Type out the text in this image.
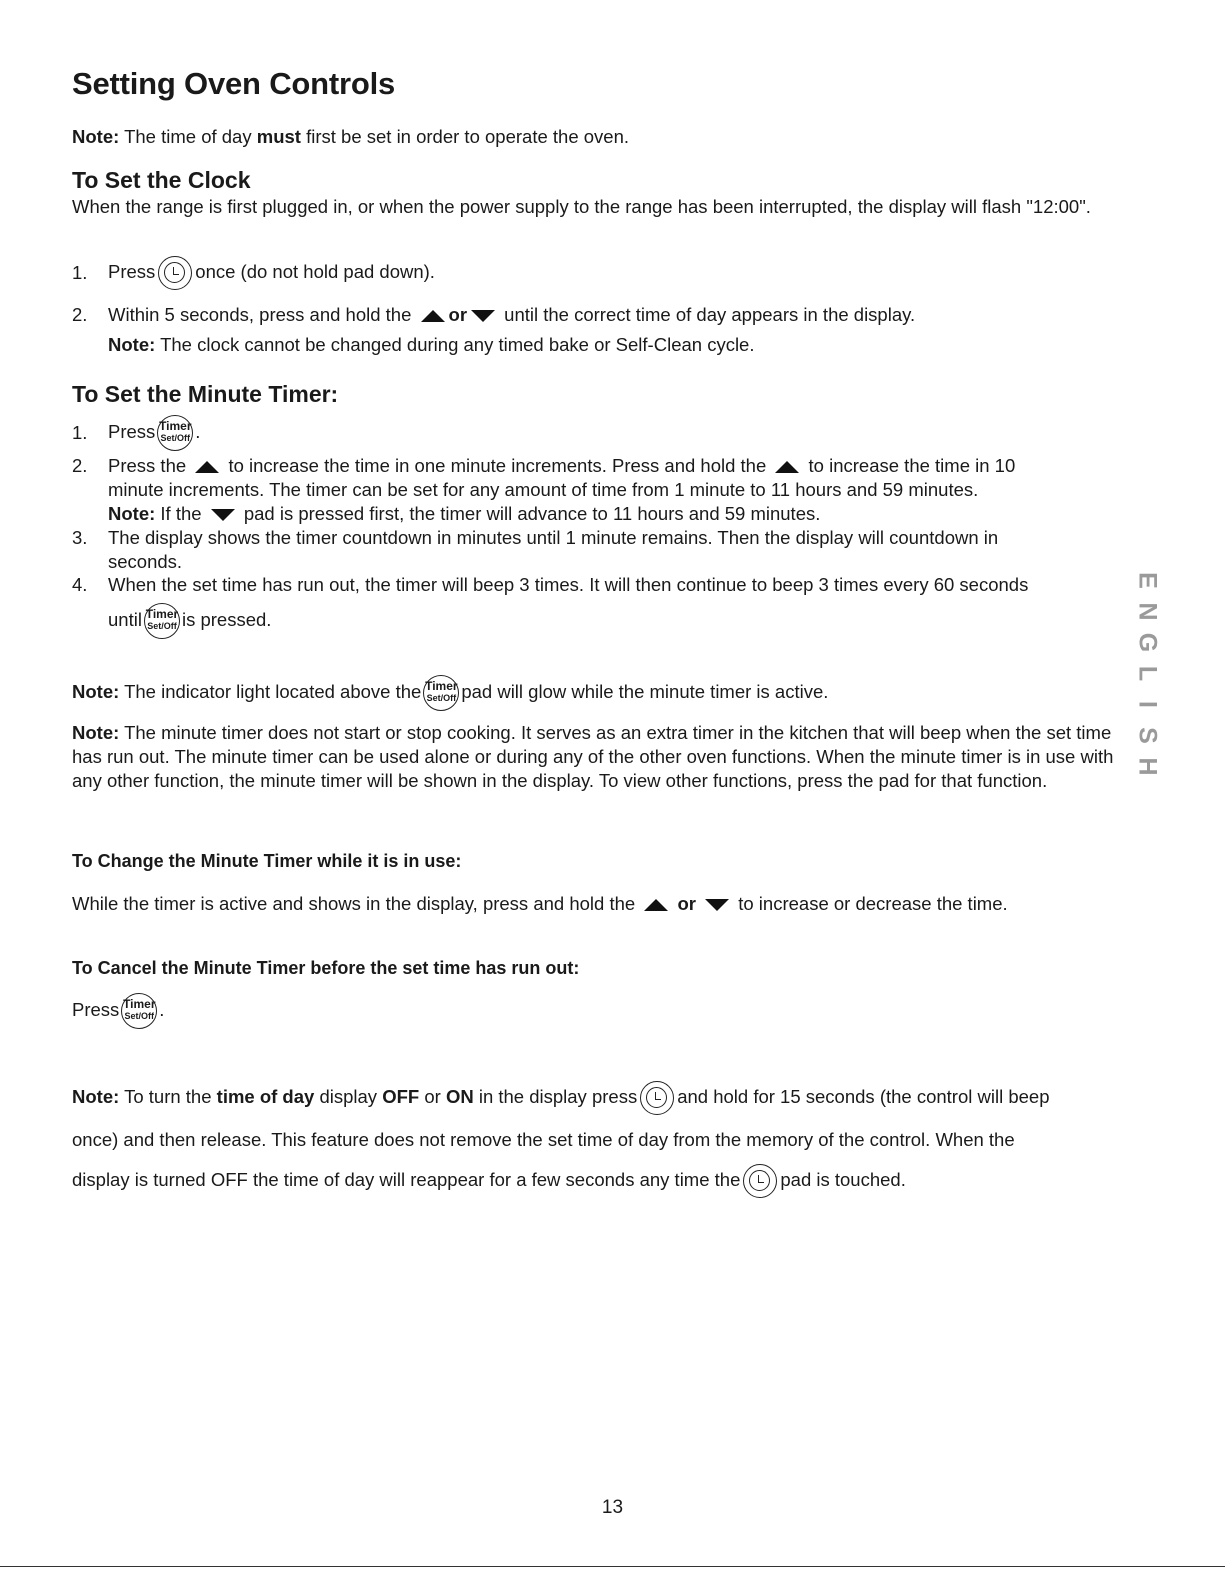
Setting Oven Controls
Note: The time of day must first be set in order to operate the oven.
To Set the Clock
When the range is first plugged in, or when the power supply to the range has been interrupted, the display will flash "12:00".
1. Press once (do not hold pad down).
2. Within 5 seconds, press and hold the or until the correct time of day appears in the display.
Note: The clock cannot be changed during any timed bake or Self-Clean cycle.
To Set the Minute Timer:
1. Press Timer
Set/Off .
2. Press the to increase the time in one minute increments. Press and hold the to increase the time in 10
minute increments. The timer can be set for any amount of time from 1 minute to 11 hours and 59 minutes.
Note: If the pad is pressed first, the timer will advance to 11 hours and 59 minutes.
3. The display shows the timer countdown in minutes until 1 minute remains. Then the display will countdown in
seconds.
4. When the set time has run out, the timer will beep 3 times. It will then continue to beep 3 times every 60 seconds
until Timer
Set/Off is pressed.
Note: The indicator light located above the Timer
Set/Off pad will glow while the minute timer is active.
Note: The minute timer does not start or stop cooking. It serves as an extra timer in the kitchen that will beep when the set time has run out. The minute timer can be used alone or during any of the other oven functions. When the minute timer is in use with any other function, the minute timer will be shown in the display. To view other functions, press the pad for that function.
To Change the Minute Timer while it is in use:
While the timer is active and shows in the display, press and hold the or to increase or decrease the time.
To Cancel the Minute Timer before the set time has run out:
Press Timer
Set/Off .
Note: To turn the time of day display OFF or ON in the display press and hold for 15 seconds (the control will beep
once) and then release. This feature does not remove the set time of day from the memory of the control. When the
display is turned OFF the time of day will reappear for a few seconds any time the pad is touched.
E
N
G
L
I
S
H
13
